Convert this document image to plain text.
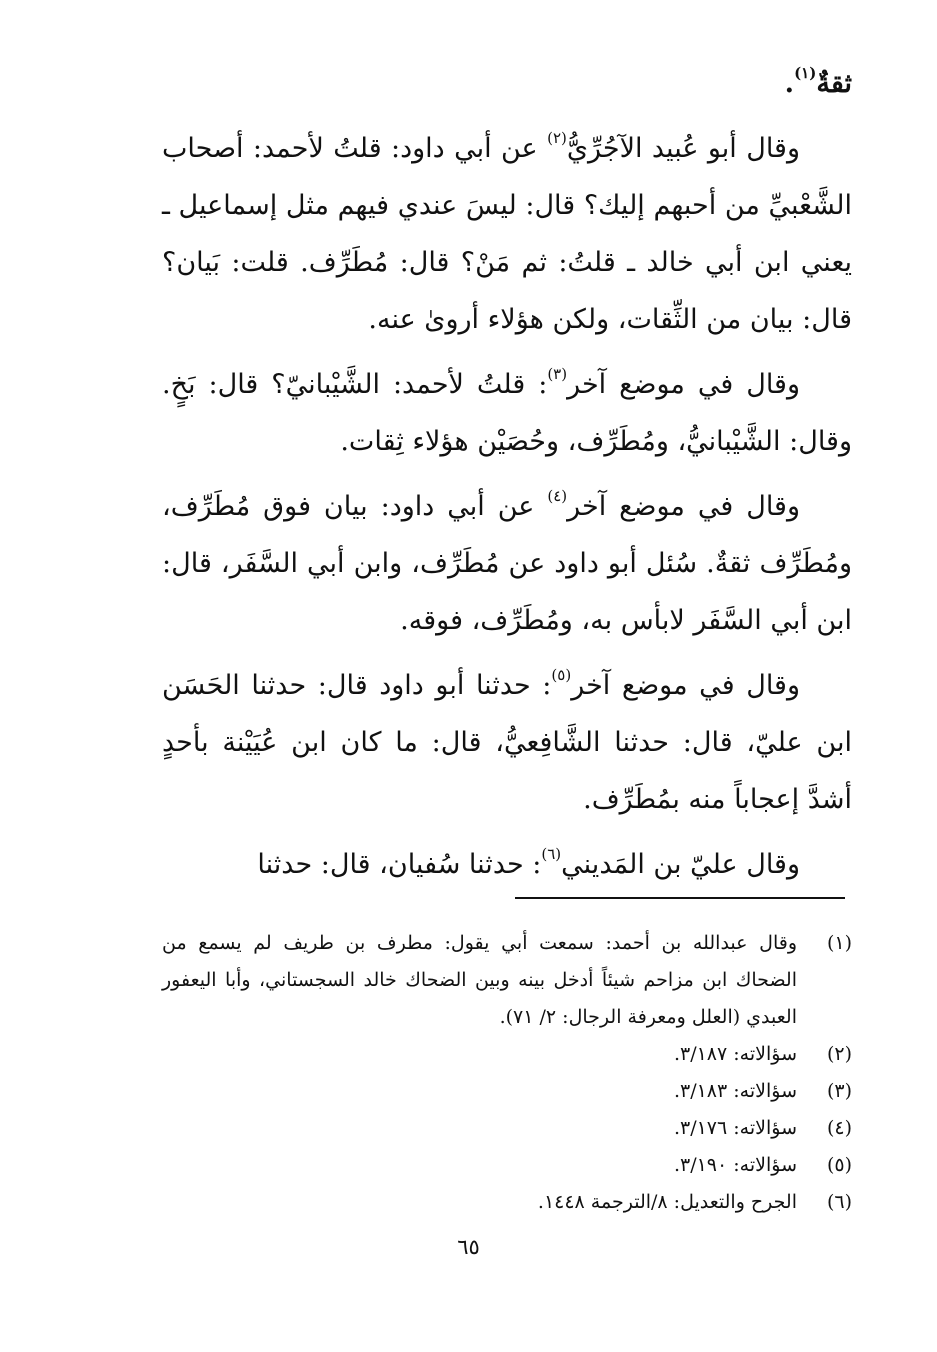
ثقةٌ$^{(١)}$.

وقال أبو عُبيد الآجُرِّيُّ$^{(٢)}$ عن أبي داود: قلتُ لأحمد: أصحاب الشَّعْبيِّ من أحبهم إليك؟ قال: ليسَ عندي فيهم مثل إسماعيل ـ يعني ابن أبي خالد ـ قلتُ: ثم مَنْ؟ قال: مُطَرِّف. قلت: بَيان؟ قال: بيان من الثِّقات، ولكن هؤلاء أروىٰ عنه.

وقال في موضع آخر$^{(٣)}$: قلتُ لأحمد: الشَّيْبانيّ؟ قال: بَخٍ. وقال: الشَّيْبانيُّ، ومُطَرِّف، وحُصَيْن هؤلاء ثِقات.

وقال في موضع آخر$^{(٤)}$ عن أبي داود: بيان فوق مُطَرِّف، ومُطَرِّف ثقةٌ. سُئل أبو داود عن مُطَرِّف، وابن أبي السَّفَر، قال: ابن أبي السَّفَر لابأس به، ومُطَرِّف، فوقه.

وقال في موضع آخر$^{(٥)}$: حدثنا أبو داود قال: حدثنا الحَسَن ابن عليّ، قال: حدثنا الشَّافِعيُّ، قال: ما كان ابن عُيَيْنة بأحدٍ أشدَّ إعجاباً منه بمُطَرِّف.

وقال عليّ بن المَديني$^{(٦)}$: حدثنا سُفيان، قال: حدثنا

(١)
وقال عبدالله بن أحمد: سمعت أبي يقول: مطرف بن طريف لم يسمع من الضحاك ابن مزاحم شيئاً أدخل بينه وبين الضحاك خالد السجستاني، وأبا اليعفور العبدي (العلل ومعرفة الرجال: ٢/ ٧١).
(٢)
سؤالاته: ٣/١٨٧.
(٣)
سؤالاته: ٣/١٨٣.
(٤)
سؤالاته: ٣/١٧٦.
(٥)
سؤالاته: ٣/١٩٠.
(٦)
الجرح والتعديل: ٨/الترجمة ١٤٤٨.
٦٥
